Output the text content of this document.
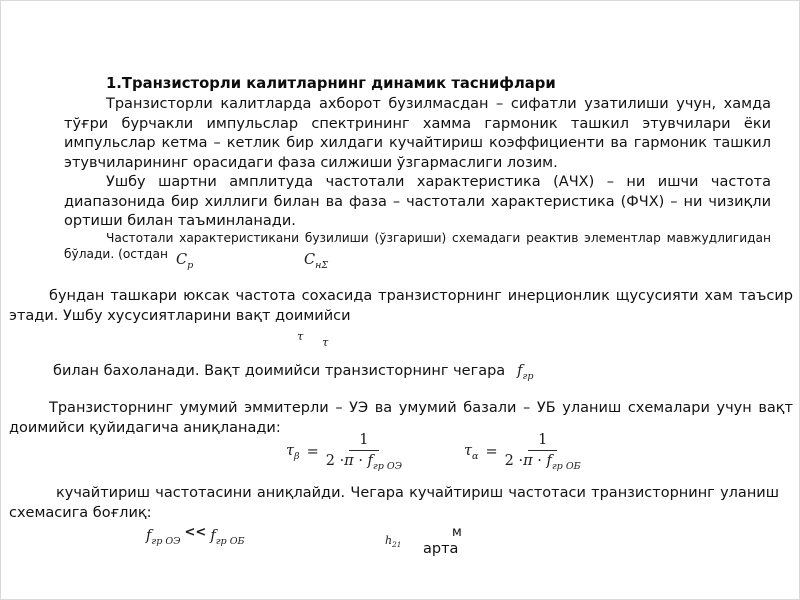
1.Транзисторли калитларнинг динамик таснифлари
Транзисторли калитларда ахборот бузилмасдан – сифатли узатилиши учун, хамда тўғри бурчакли импульслар спектрининг хамма гармоник ташкил этувчилари ёки импульслар кетма – кетлик бир хилдаги кучайтириш коэффициенти ва гармоник ташкил этувчиларининг орасидаги фаза силжиши ўзгармаслиги лозим.
Ушбу шартни амплитуда частотали характеристика (АЧХ) – ни ишчи частота диапазонида бир хиллиги билан ва фаза – частотали характеристика (ФЧХ) – ни чизиқли ортиши билан таъминланади.
Частотали характеристикани бузилиши (ўзгариши) схемадаги реактив элементлар мавжудлигидан бўлади. (остдан $C_р$	$C_{н\Sigma}$
бундан ташкари юксак частота сохасида транзисторнинг инерционлик щусусияти хам таъсир этади. Ушбу хусусиятларини вақт доимийси
τ τ
билан бахоланади. Вақт доимийси транзисторнинг чегара $f_{гр}$
Транзисторнинг умумий эммитерли – УЭ ва умумий базали – УБ уланиш схемалари учун вақт доимийси қуйидагича аниқланади:
$\tau_\beta = \frac{1}{2 \cdot\pi \cdot f_{гр ОЭ}}$	$\tau_\alpha = \frac{1}{2 \cdot\pi \cdot f_{гр ОБ}}$
кучайтириш частотасини аниқлайди. Чегара кучайтириш частотаси транзисторнинг уланиш схемасига боғлиқ:
$f_{гр ОЭ}<< f_{гр ОБ}$	$h_{21}$
м
арта
